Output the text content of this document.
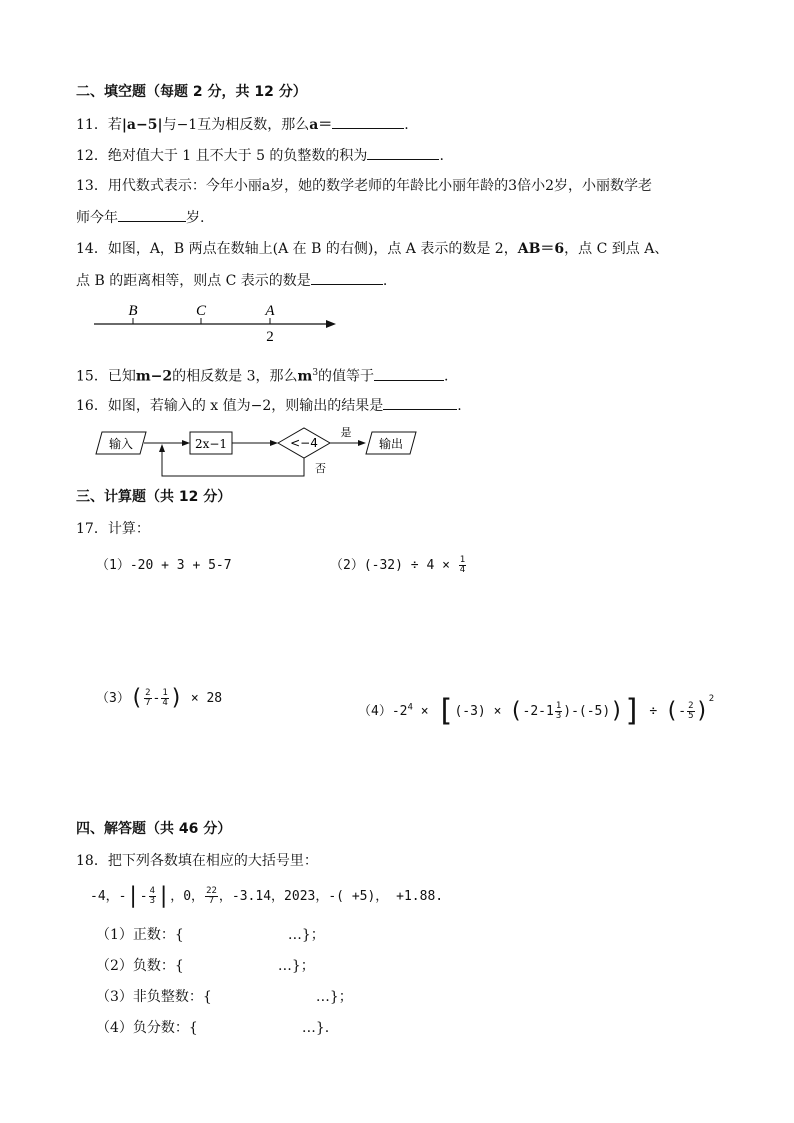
二、填空题（每题 2 分，共 12 分）
11．若|a−5|与−1互为相反数，那么a＝	.
12．绝对值大于 1 且不大于 5 的负整数的积为	.
13．用代数式表示：今年小丽a岁，她的数学老师的年龄比小丽年龄的3倍小2岁，小丽数学老
师今年	岁.
14．如图，A，B 两点在数轴上(A 在 B 的右侧)，点 A 表示的数是 2，AB＝6，点 C 到点 A、
点 B 的距离相等，则点 C 表示的数是	.
B	C	A
2
15．已知m−2的相反数是 3，那么$m^3$的值等于	.
16．如图，若输入的 x 值为−2，则输出的结果是	.
输入	2x−1	<−4
是
输出
否
三、计算题（共 12 分）
17．计算：
（1）-20 + 3 + 5-7	$(2)(-32) \div 4 \times \frac{1}{4}$
$(3)( \frac{2}{7} - \frac{1}{4}$ ) × 28
$(4)-2^4 \times [(-3) \times (-2-1 \frac{1}{3} )-(-5))$] ÷ (- $\frac{2}{5} )^2$
四、解答题（共 46 分）
18．把下列各数填在相应的大括号里：
-4，-|- $\frac{4}{3}$ |，0， $\frac{22}{7}$ ，-3.14，2023，-( +5)， +1.88.
（1）正数：{	…}；
（2）负数：{	…}；
（3）非负整数：{	…}；
（4）负分数：{	…}.
